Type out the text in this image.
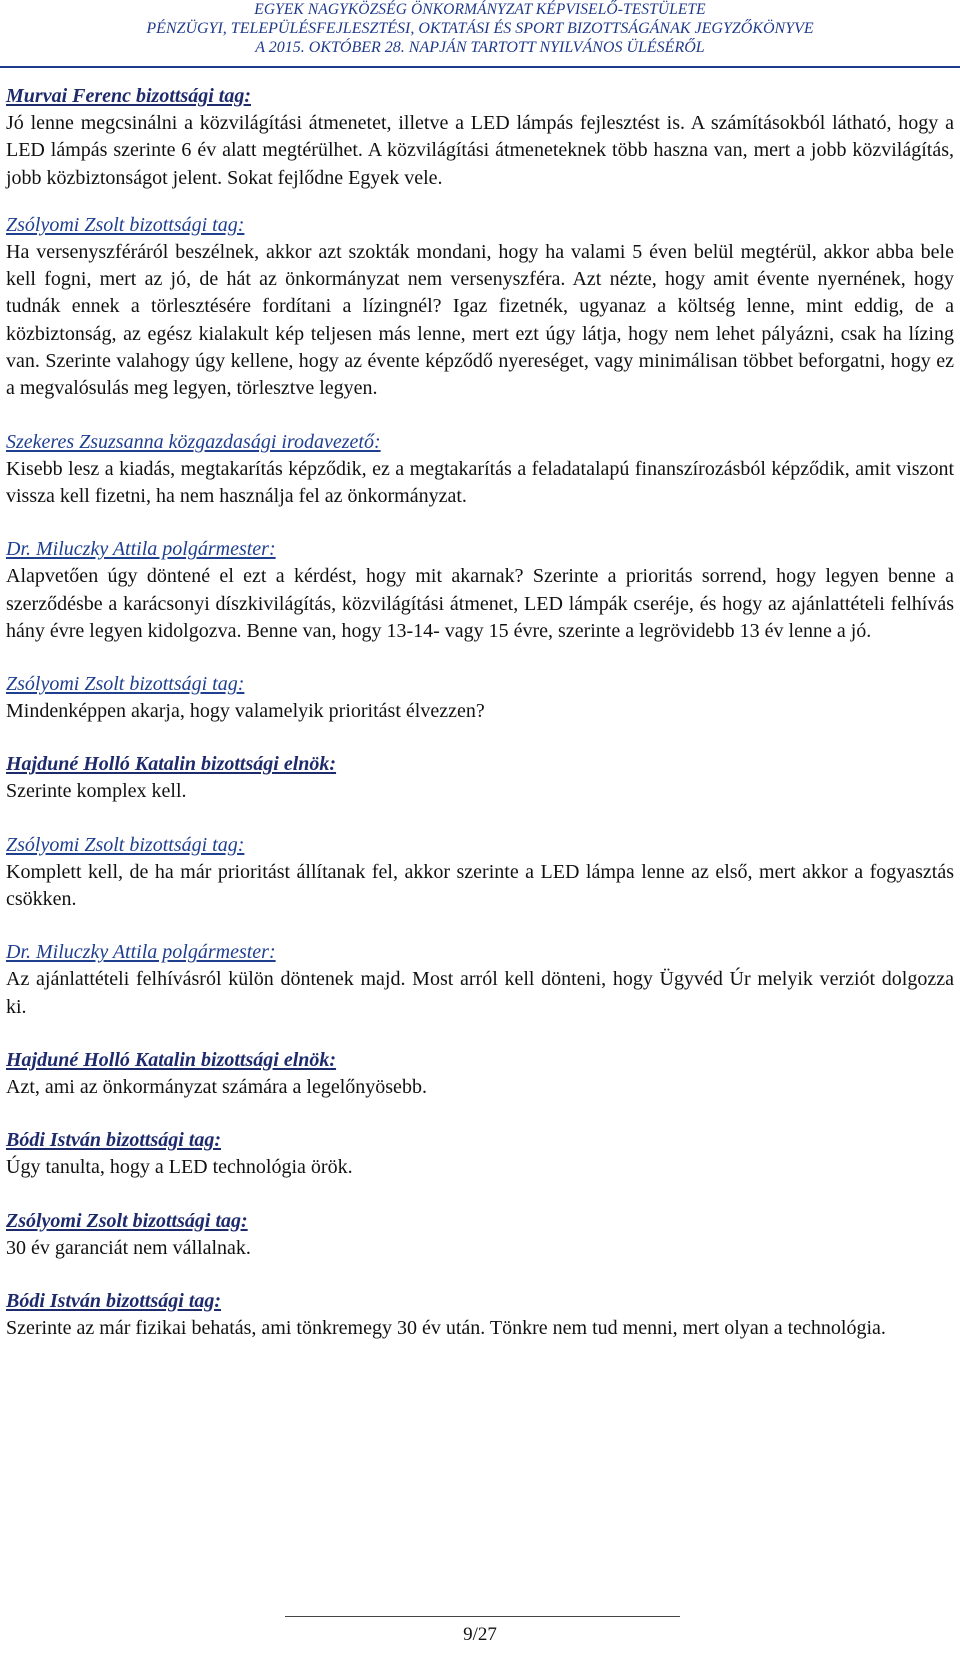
EGYEK NAGYKÖZSÉG ÖNKORMÁNYZAT KÉPVISELŐ-TESTÜLETE
PÉNZÜGYI, TELEPÜLÉSFEJLESZTÉSI, OKTATÁSI ÉS SPORT BIZOTTSÁGÁNAK JEGYZŐKÖNYVE
A 2015. OKTÓBER 28. NAPJÁN TARTOTT NYILVÁNOS ÜLÉSÉRŐL
Murvai Ferenc bizottsági tag:

Jó lenne megcsinálni a közvilágítási átmenetet, illetve a LED lámpás fejlesztést is. A számításokból látható, hogy a LED lámpás szerinte 6 év alatt megtérülhet. A közvilágítási átmeneteknek több haszna van, mert a jobb közvilágítás, jobb közbiztonságot jelent. Sokat fejlődne Egyek vele.

Zsólyomi Zsolt bizottsági tag:

Ha versenyszféráról beszélnek, akkor azt szokták mondani, hogy ha valami 5 éven belül megtérül, akkor abba bele kell fogni, mert az jó, de hát az önkormányzat nem versenyszféra. Azt nézte, hogy amit évente nyernének, hogy tudnák ennek a törlesztésére fordítani a lízingnél? Igaz fizetnék, ugyanaz a költség lenne, mint eddig, de a közbiztonság, az egész kialakult kép teljesen más lenne, mert ezt úgy látja, hogy nem lehet pályázni, csak ha lízing van. Szerinte valahogy úgy kellene, hogy az évente képződő nyereséget, vagy minimálisan többet beforgatni, hogy ez a megvalósulás meg legyen, törlesztve legyen.

Szekeres Zsuzsanna közgazdasági irodavezető:

Kisebb lesz a kiadás, megtakarítás képződik, ez a megtakarítás a feladatalapú finanszírozásból képződik, amit viszont vissza kell fizetni, ha nem használja fel az önkormányzat.

Dr. Miluczky Attila polgármester:

Alapvetően úgy döntené el ezt a kérdést, hogy mit akarnak? Szerinte a prioritás sorrend, hogy legyen benne a szerződésbe a karácsonyi díszkivilágítás, közvilágítási átmenet, LED lámpák cseréje, és hogy az ajánlattételi felhívás hány évre legyen kidolgozva. Benne van, hogy 13-14- vagy 15 évre, szerinte a legrövidebb 13 év lenne a jó.

Zsólyomi Zsolt bizottsági tag:

Mindenképpen akarja, hogy valamelyik prioritást élvezzen?

Hajduné Holló Katalin bizottsági elnök:

Szerinte komplex kell.

Zsólyomi Zsolt bizottsági tag:

Komplett kell, de ha már prioritást állítanak fel, akkor szerinte a LED lámpa lenne az első, mert akkor a fogyasztás csökken.

Dr. Miluczky Attila polgármester:

Az ajánlattételi felhívásról külön döntenek majd. Most arról kell dönteni, hogy Ügyvéd Úr melyik verziót dolgozza ki.

Hajduné Holló Katalin bizottsági elnök:

Azt, ami az önkormányzat számára a legelőnyösebb.

Bódi István bizottsági tag:

Úgy tanulta, hogy a LED technológia örök.

Zsólyomi Zsolt bizottsági tag:

30 év garanciát nem vállalnak.

Bódi István bizottsági tag:

Szerinte az már fizikai behatás, ami tönkremegy 30 év után. Tönkre nem tud menni, mert olyan a technológia.

9/27
